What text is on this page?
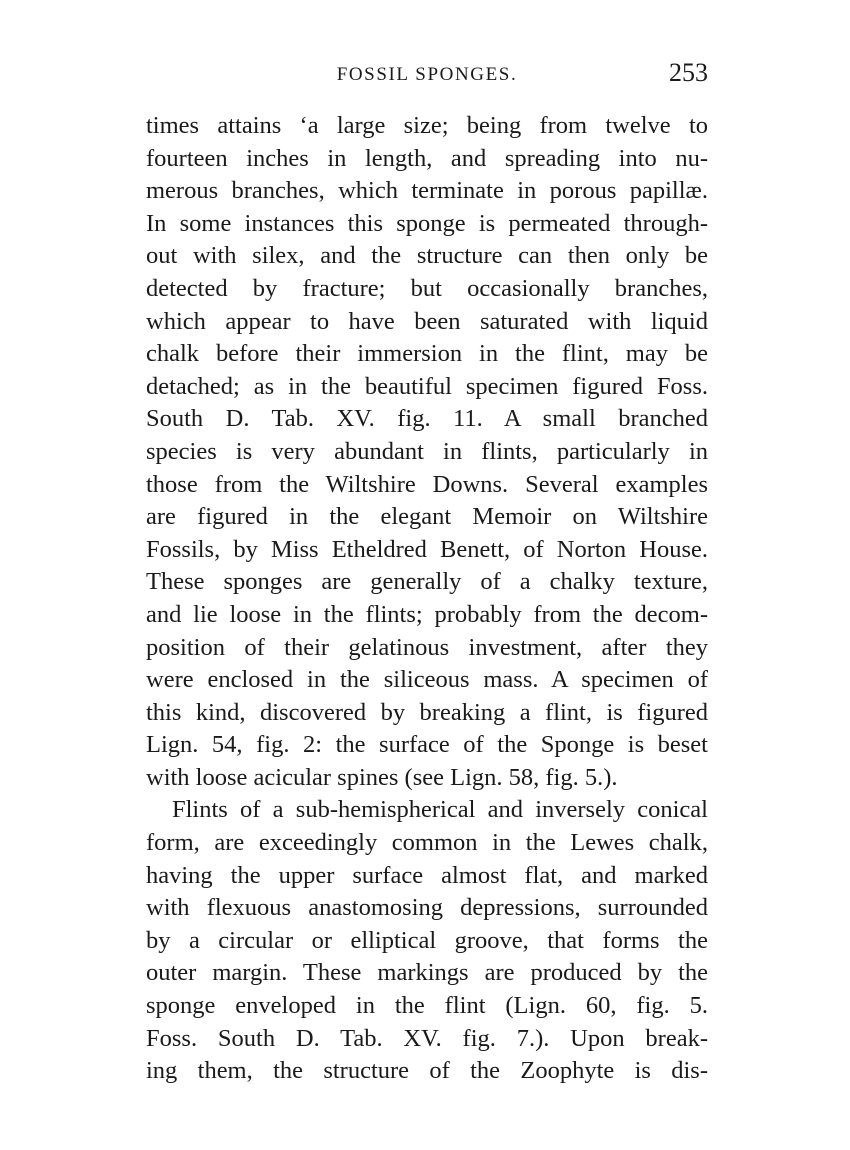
FOSSIL SPONGES.	253
times attains ‘a large size; being from twelve to
fourteen inches in length, and spreading into nu-
merous branches, which terminate in porous papillæ.
In some instances this sponge is permeated through-
out with silex, and the structure can then only be
detected by fracture; but occasionally branches,
which appear to have been saturated with liquid
chalk before their immersion in the flint, may be
detached; as in the beautiful specimen figured Foss.
South D. Tab. XV. fig. 11. A small branched
species is very abundant in flints, particularly in
those from the Wiltshire Downs. Several examples
are figured in the elegant Memoir on Wiltshire
Fossils, by Miss Etheldred Benett, of Norton House.
These sponges are generally of a chalky texture,
and lie loose in the flints; probably from the decom-
position of their gelatinous investment, after they
were enclosed in the siliceous mass. A specimen of
this kind, discovered by breaking a flint, is figured
Lign. 54, fig. 2: the surface of the Sponge is beset
with loose acicular spines (see Lign. 58, fig. 5.).
Flints of a sub-hemispherical and inversely conical
form, are exceedingly common in the Lewes chalk,
having the upper surface almost flat, and marked
with flexuous anastomosing depressions, surrounded
by a circular or elliptical groove, that forms the
outer margin. These markings are produced by the
sponge enveloped in the flint (Lign. 60, fig. 5.
Foss. South D. Tab. XV. fig. 7.). Upon break-
ing them, the structure of the Zoophyte is dis-
